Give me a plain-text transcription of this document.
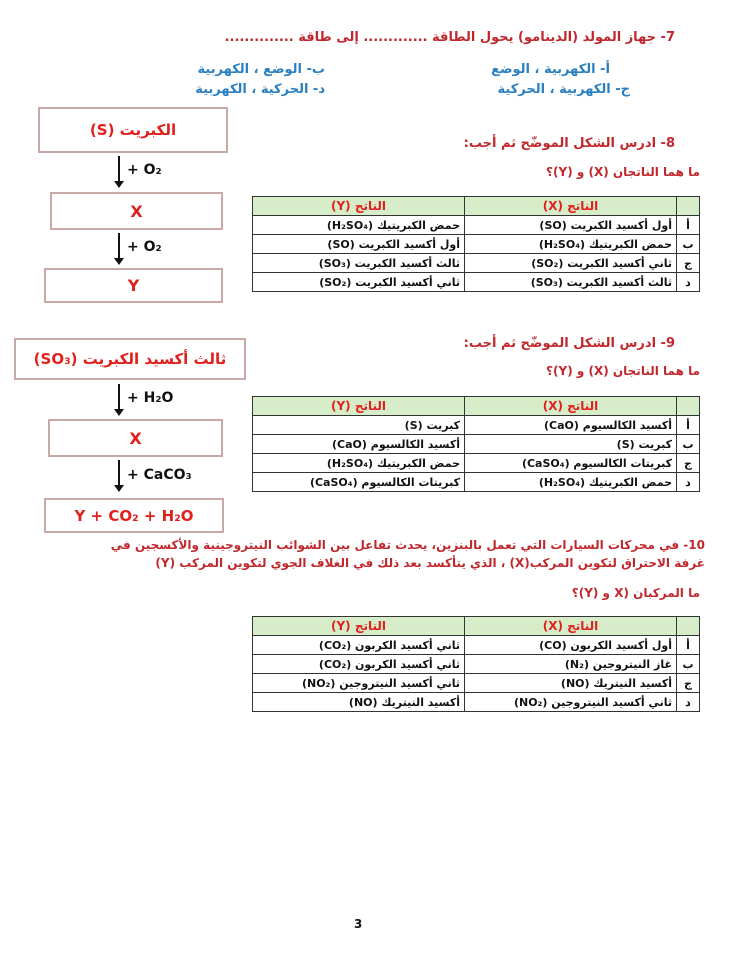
7- جهاز المولد (الدينامو) يحول الطاقة ............. إلى طاقة ..............
أ- الكهربية ، الوضع
ب- الوضع ، الكهربية
ج- الكهربية ، الحركية
د- الحركية ، الكهربية
الكبريت (S)
+ O₂
X
+ O₂
Y
8- ادرس الشكل الموضّح ثم أجب:
ما هما الناتجان (X) و (Y)؟
	الناتج (X)	الناتج (Y)
أ	أول أكسيد الكبريت (SO)	حمض الكبريتيك (H₂SO₄)
ب	حمض الكبريتيك (H₂SO₄)	أول أكسيد الكبريت (SO)
ج	ثاني أكسيد الكبريت (SO₂)	ثالث أكسيد الكبريت (SO₃)
د	ثالث أكسيد الكبريت (SO₃)	ثاني أكسيد الكبريت (SO₂)
ثالث أكسيد الكبريت (SO₃)
+ H₂O
X
+ CaCO₃
Y + CO₂ + H₂O
9- ادرس الشكل الموضّح ثم أجب:
ما هما الناتجان (X) و (Y)؟
	الناتج (X)	الناتج (Y)
أ	أكسيد الكالسيوم (CaO)	كبريت (S)
ب	كبريت (S)	أكسيد الكالسيوم (CaO)
ج	كبريتات الكالسيوم (CaSO₄)	حمض الكبريتيك (H₂SO₄)
د	حمض الكبريتيك (H₂SO₄)	كبريتات الكالسيوم (CaSO₄)
10- في محركات السيارات التي تعمل بالبنزين، يحدث تفاعل بين الشوائب النيتروجينية والأكسجين في
غرفة الاحتراق لتكوين المركب(X) ، الذي يتأكسد بعد ذلك في الغلاف الجوي لتكوين المركب (Y)
ما المركبان (X و (Y)؟
	الناتج (X)	الناتج (Y)
أ	أول أكسيد الكربون (CO)	ثاني أكسيد الكربون (CO₂)
ب	غاز النيتروجين (N₂)	ثاني أكسيد الكربون (CO₂)
ج	أكسيد النيتريك (NO)	ثاني أكسيد النيتروجين (NO₂)
د	ثاني أكسيد النيتروجين (NO₂)	أكسيد النيتريك (NO)
3
